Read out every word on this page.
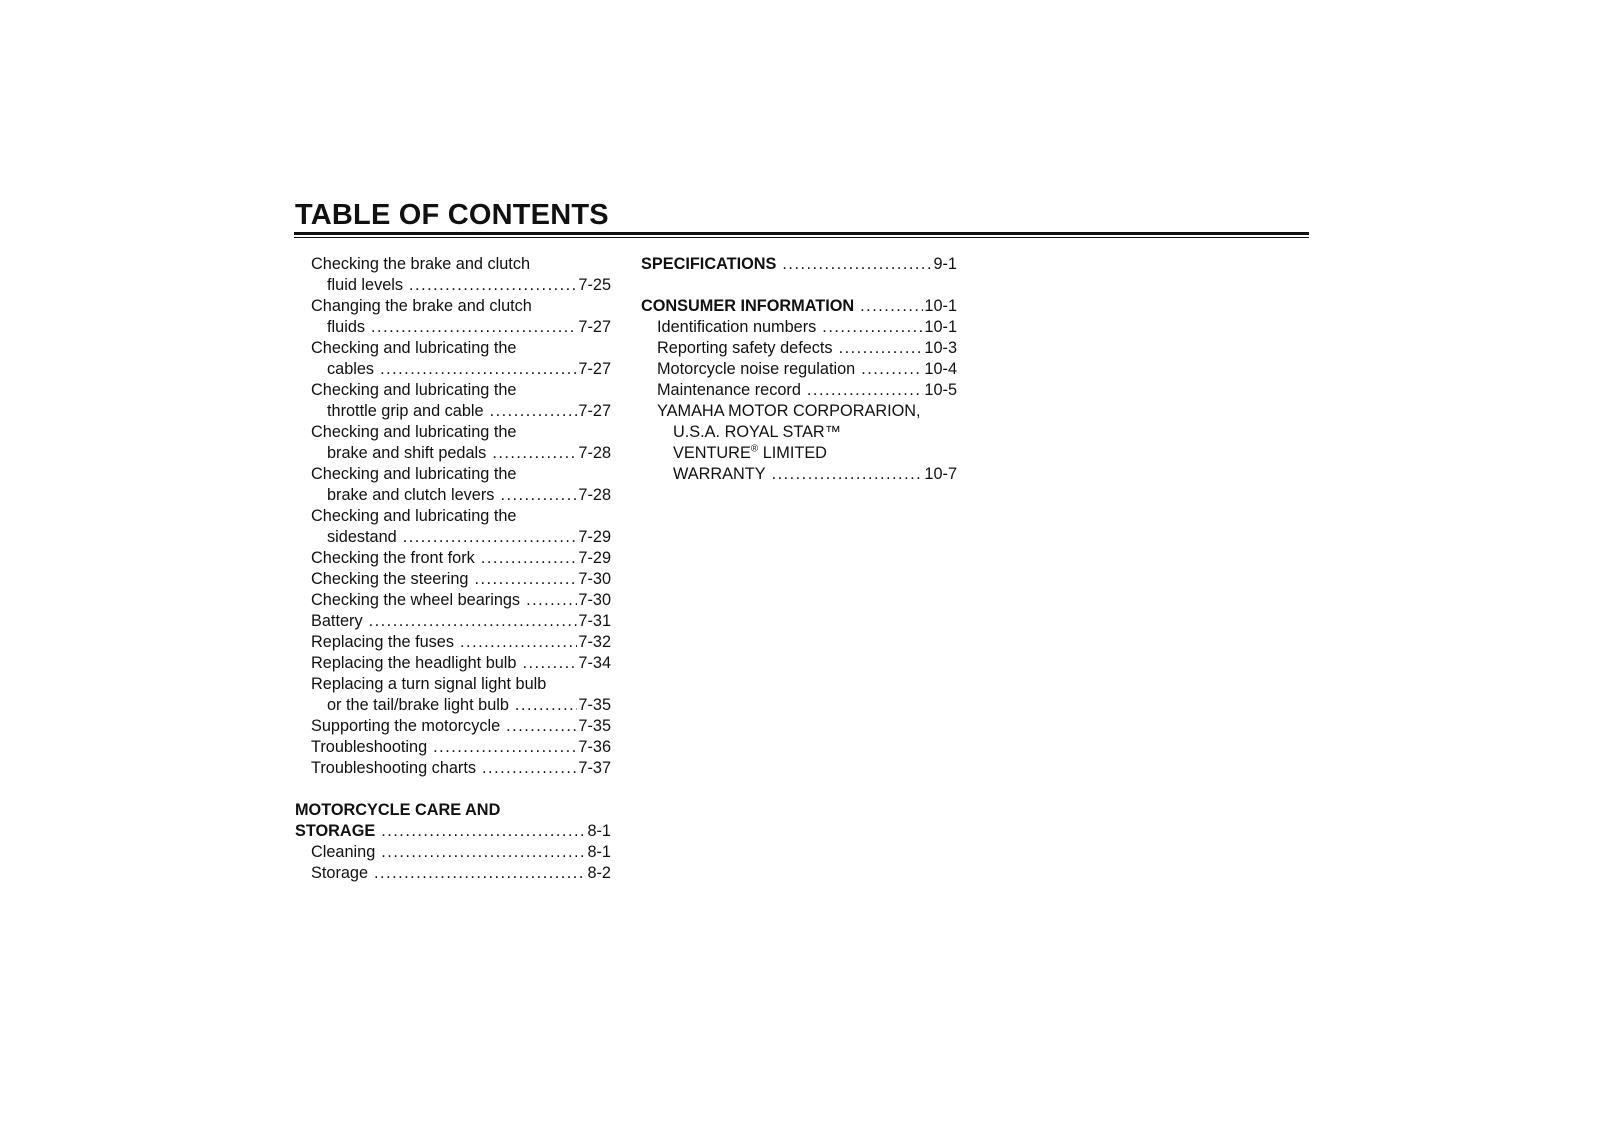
TABLE OF CONTENTS
Checking the brake and clutch
fluid levels .....	7-25
Changing the brake and clutch
fluids .....	7-27
Checking and lubricating the
cables .....	7-27
Checking and lubricating the
throttle grip and cable .....	7-27
Checking and lubricating the
brake and shift pedals .....	7-28
Checking and lubricating the
brake and clutch levers .....	7-28
Checking and lubricating the
sidestand .....	7-29
Checking the front fork .....	7-29
Checking the steering .....	7-30
Checking the wheel bearings .....	7-30
Battery .....	7-31
Replacing the fuses .....	7-32
Replacing the headlight bulb .....	7-34
Replacing a turn signal light bulb
or the tail/brake light bulb .....	7-35
Supporting the motorcycle .....	7-35
Troubleshooting .....	7-36
Troubleshooting charts .....	7-37
MOTORCYCLE CARE AND
STORAGE .....	8-1
Cleaning .....	8-1
Storage .....	8-2
SPECIFICATIONS .....	9-1
CONSUMER INFORMATION .....	10-1
Identification numbers .....	10-1
Reporting safety defects .....	10-3
Motorcycle noise regulation .....	10-4
Maintenance record .....	10-5
YAMAHA MOTOR CORPORARION,
U.S.A. ROYAL STAR™
VENTURE® LIMITED
WARRANTY .....	10-7
